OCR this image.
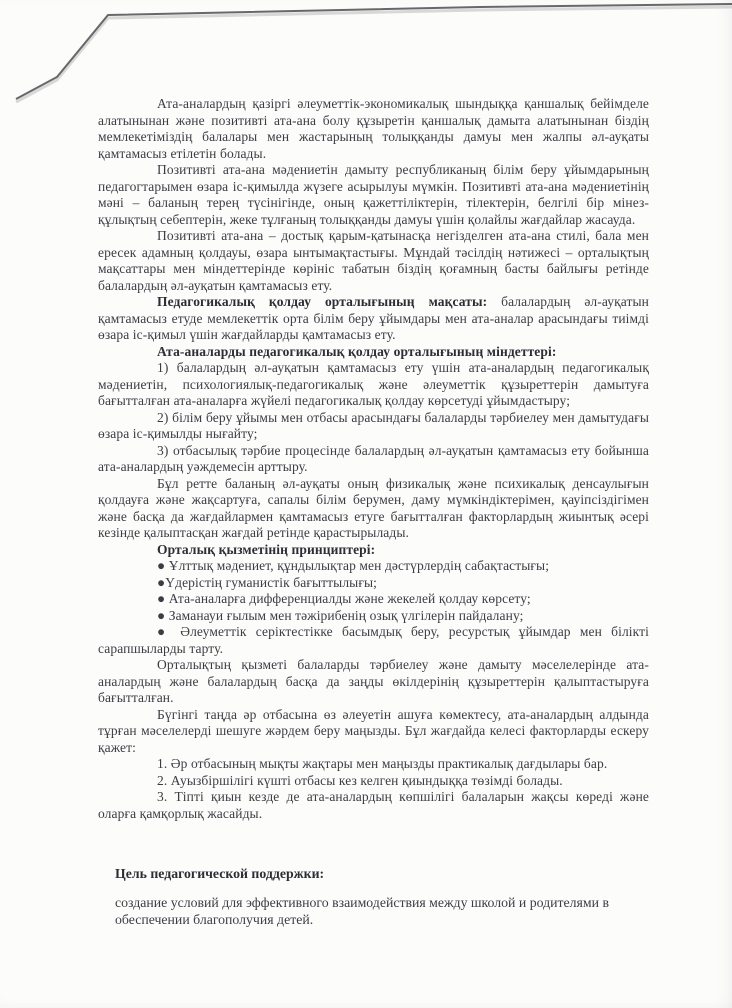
Ата-аналардың қазіргі әлеуметтік-экономикалық шындыққа қаншалық бейімделе алатынынан және позитивті ата-ана болу құзыретін қаншалық дамыта алатынынан біздің мемлекетіміздің балалары мен жастарының толыққанды дамуы мен жалпы әл-ауқаты қамтамасыз етілетін болады.

Позитивті ата-ана мәдениетін дамыту республиканың білім беру ұйымдарының педагогтарымен өзара іс-қимылда жүзеге асырылуы мүмкін. Позитивті ата-ана мәдениетінің мәні – баланың терең түсінігінде, оның қажеттіліктерін, тілектерін, белгілі бір мінез-құлықтың себептерін, жеке тұлғаның толыққанды дамуы үшін қолайлы жағдайлар жасауда.

Позитивті ата-ана – достық қарым-қатынасқа негізделген ата-ана стилі, бала мен ересек адамның қолдауы, өзара ынтымақтастығы. Мұндай тәсілдің нәтижесі – орталықтың мақсаттары мен міндеттерінде көрініс табатын біздің қоғамның басты байлығы ретінде балалардың әл-ауқатын қамтамасыз ету.

Педагогикалық қолдау орталығының мақсаты: балалардың әл-ауқатын қамтамасыз етуде мемлекеттік орта білім беру ұйымдары мен ата-аналар арасындағы тиімді өзара іс-қимыл үшін жағдайларды қамтамасыз ету.

Ата-аналарды педагогикалық қолдау орталығының міндеттері:

1) балалардың әл-ауқатын қамтамасыз ету үшін ата-аналардың педагогикалық мәдениетін, психологиялық-педагогикалық және әлеуметтік құзыреттерін дамытуға бағытталған ата-аналарға жүйелі педагогикалық қолдау көрсетуді ұйымдастыру;

2) білім беру ұйымы мен отбасы арасындағы балаларды тәрбиелеу мен дамытудағы өзара іс-қимылды нығайту;

3) отбасылық тәрбие процесінде балалардың әл-ауқатын қамтамасыз ету бойынша ата-аналардың уәждемесін арттыру.

Бұл ретте баланың әл-ауқаты оның физикалық және психикалық денсаулығын қолдауға және жақсартуға, сапалы білім берумен, даму мүмкіндіктерімен, қауіпсіздігімен және басқа да жағдайлармен қамтамасыз етуге бағытталған факторлардың жиынтық әсері кезінде қалыптасқан жағдай ретінде қарастырылады.

Орталық қызметінің принциптері:

● Ұлттық мәдениет, құндылықтар мен дәстүрлердің сабақтастығы;

●Үдерістің гуманистік бағыттылығы;

● Ата-аналарға дифференциалды және жекелей қолдау көрсету;

● Заманауи ғылым мен тәжірибенің озық үлгілерін пайдалану;

● Әлеуметтік серіктестікке басымдық беру, ресурстық ұйымдар мен білікті сарапшыларды тарту.

Орталықтың қызметі балаларды тәрбиелеу және дамыту мәселелерінде ата-аналардың және балалардың басқа да заңды өкілдерінің құзыреттерін қалыптастыруға бағытталған.

Бүгінгі таңда әр отбасына өз әлеуетін ашуға көмектесу, ата-аналардың алдында тұрған мәселелерді шешуге жәрдем беру маңызды. Бұл жағдайда келесі факторларды ескеру қажет:

1. Әр отбасының мықты жақтары мен маңызды практикалық дағдылары бар.

2. Ауызбіршілігі күшті отбасы кез келген қиындыққа төзімді болады.

3. Тіпті қиын кезде де ата-аналардың көпшілігі балаларын жақсы көреді және оларға қамқорлық жасайды.

Цель педагогической поддержки:

создание условий для эффективного взаимодействия между школой и родителями в обеспечении благополучия детей.
